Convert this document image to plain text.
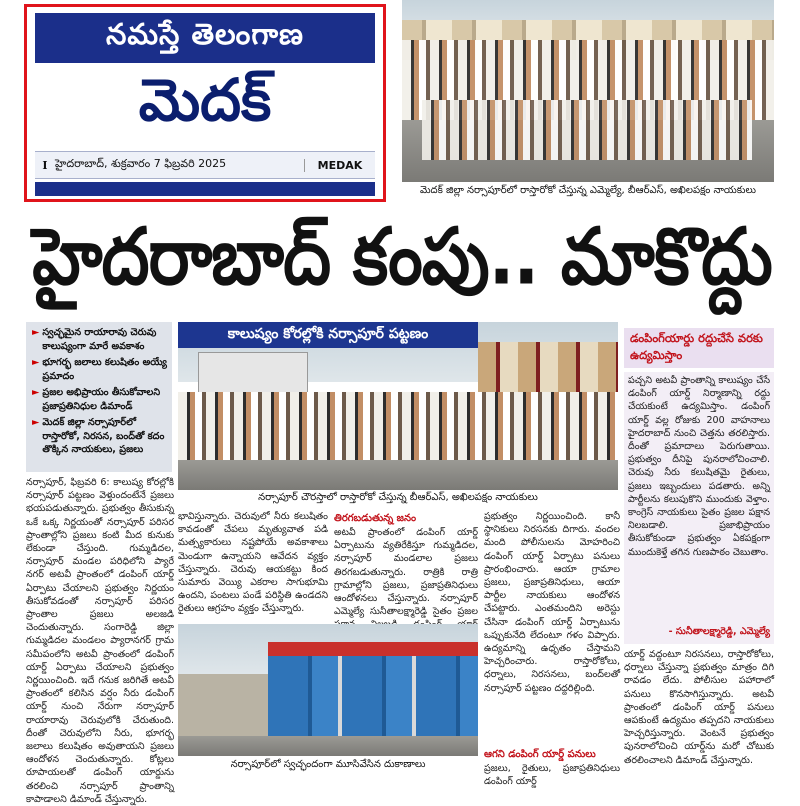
నమస్తే తెలంగాణ
మెదక్
I హైదరాబాద్, శుక్రవారం 7 ఫిబ్రవరి 2025	MEDAK
మెదక్ జిల్లా నర్సాపూర్‌లో రాస్తారోకో చేస్తున్న ఎమ్మెల్యే, బీఆర్‌ఎస్, అఖిలపక్షం నాయకులు
హైదరాబాద్ కంపు.. మాకొద్దు
► స్వచ్ఛమైన రాయారావు చెరువు కాలుష్యంగా మారే అవకాశం
► భూగర్భ జలాలు కలుషితం అయ్యే ప్రమాదం
► ప్రజల అభిప్రాయం తీసుకోవాలని ప్రజాప్రతినిధుల డిమాండ్
► మెదక్ జిల్లా నర్సాపూర్‌లో రాస్తారోకో, నిరసన, బంద్‌తో కదం తొక్కిన నాయకులు, ప్రజలు
కాలుష్యం కోరల్లోకి నర్సాపూర్ పట్టణం
నర్సాపూర్ చౌరస్తాలో రాస్తారోకో చేస్తున్న బీఆర్‌ఎస్, అఖిలపక్షం నాయకులు
డంపింగ్‌యార్డు రద్దుచేసే వరకు ఉద్యమిస్తాం
పచ్చని అటవీ ప్రాంతాన్ని కాలుష్యం చేసే డంపింగ్ యార్డ్ నిర్మాణాన్ని రద్దు చేయకుంటే ఉద్యమిస్తాం. డంపింగ్ యార్డ్ వల్ల రోజుకు 200 వాహనాలు హైదరాబాద్ నుంచి చెత్తను తరలిస్తారు. దీంతో ప్రమాదాలు పెరుగుతాయి. ప్రభుత్వం దీనిపై పునరాలోచించాలి. చెరువు నీరు కలుషితమై రైతులు, ప్రజలు ఇబ్బందులు పడతారు. అన్ని పార్టీలను కలుపుకొని ముందుకు వెళ్తాం. కాంగ్రెస్ నాయకులు సైతం ప్రజల పక్షాన నిలబడాలి. ప్రజాభిప్రాయం తీసుకోకుండా ప్రభుత్వం ఏకపక్షంగా ముందుకెళ్తే తగిన గుణపాఠం చెబుతాం.
- సునీతాలక్ష్మారెడ్డి, ఎమ్మెల్యే
నర్సాపూర్, ఫిబ్రవరి 6: కాలుష్య కోరల్లోకి నర్సాపూర్ పట్టణం వెళ్తుందంటేనే ప్రజలు భయపడుతున్నారు. ప్రభుత్వం తీసుకున్న ఒకే ఒక్క నిర్ణయంతో నర్సాపూర్ పరిసర ప్రాంతాల్లోని ప్రజలు కంటి మీద కునుకు లేకుండా చేస్తుంది. గుమ్మడిదల, నర్సాపూర్ మండల పరిధిలోని ప్యారే నగర్ అటవీ ప్రాంతంలో డంపింగ్ యార్డ్ ఏర్పాటు చేయాలని ప్రభుత్వం నిర్ణయం తీసుకోవడంతో నర్సాపూర్ పరిసర ప్రాంతాల ప్రజలు అలజడి చెందుతున్నారు. సంగారెడ్డి జిల్లా గుమ్మడిదల మండలం ప్యారానగర్ గ్రామ సమీపంలోని అటవీ ప్రాంతంలో డంపింగ్ యార్డ్ ఏర్పాటు చేయాలని ప్రభుత్వం నిర్ణయించింది. ఇదే గనుక జరిగితే అటవీ ప్రాంతంలో కలిసిన వర్షం నీరు డంపింగ్ యార్డ్ నుంచి నేరుగా నర్సాపూర్ రాయారావు చెరువులోకి చేరుతుంది. దీంతో చెరువులోని నీరు, భూగర్భ జలాలు కలుషితం అవుతాయని ప్రజలు ఆందోళన చెందుతున్నారు. కోట్లలు రూపాయలతో డంపింగ్ యార్డును తరలించి నర్సాపూర్ ప్రాంతాన్ని కాపాడాలని డిమాండ్ చేస్తున్నారు.
భావిస్తున్నారు. చెరువులో నీరు కలుషితం కావడంతో చేపలు మృత్యువాత పడి మత్స్యకారులు నష్టపోయే అవకాశాలు మెండుగా ఉన్నాయని ఆవేదన వ్యక్తం చేస్తున్నారు. చెరువు ఆయకట్టు కింద సుమారు వెయ్యి ఎకరాల సాగుభూమి ఉందని, పంటలు పండే పరిస్థితి ఉండదని రైతులు ఆగ్రహం వ్యక్తం చేస్తున్నారు.
తిరగబడుతున్న జనం
అటవీ ప్రాంతంలో డంపింగ్ యార్డ్ ఏర్పాటును వ్యతిరేకిస్తూ గుమ్మడిదల, నర్సాపూర్ మండలాల ప్రజలు తిరగబడుతున్నారు. రాత్రికి రాత్రి గ్రామాల్లోని ప్రజలు, ప్రజాప్రతినిధులు ఆందోళనలు చేస్తున్నారు. నర్సాపూర్ ఎమ్మెల్యే సునీతాలక్ష్మారెడ్డి సైతం ప్రజల
నర్సాపూర్‌లో స్వచ్ఛందంగా మూసివేసిన దుకాణాలు
ప్రభుత్వం నిర్ణయించింది. కానీ స్థానికులు నిరసనకు దిగారు. వందల మంది పోలీసులను మోహరించి డంపింగ్ యార్డ్ ఏర్పాటు పనులు ప్రారంభించారు. ఆయా గ్రామాల ప్రజలు, ప్రజాప్రతినిధులు, ఆయా పార్టీల నాయకులు ఆందోళన చేపట్టారు. ఎంతమందిని అరెస్టు చేసినా డంపింగ్ యార్డ్ ఏర్పాటును ఒప్పుకునేది లేదంటూ గళం విప్పారు. ఉద్యమాన్ని ఉధృతం చేస్తామని హెచ్చరించారు. రాస్తారోకోలు, ధర్నాలు, నిరసనలు, బంద్‌లతో నర్సాపూర్ పట్టణం దద్దరిల్లింది.
ఆగని డంపింగ్ యార్డ్ పనులు
ప్రజలు, రైతులు, ప్రజాప్రతినిధులు డంపింగ్ యార్డ్
యార్డ్ వద్దంటూ నిరసనలు, రాస్తారోకోలు, ధర్నాలు చేస్తున్నా ప్రభుత్వం మాత్రం దిగి రావడం లేదు. పోలీసుల పహారాలో పనులు కొనసాగిస్తున్నారు. అటవీ ప్రాంతంలో డంపింగ్ యార్డ్ పనులు ఆపకుంటే ఉద్యమం తప్పదని నాయకులు హెచ్చరిస్తున్నారు. వెంటనే ప్రభుత్వం పునరాలోచించి యార్డ్‌ను మరో చోటుకు తరలించాలని డిమాండ్ చేస్తున్నారు.
